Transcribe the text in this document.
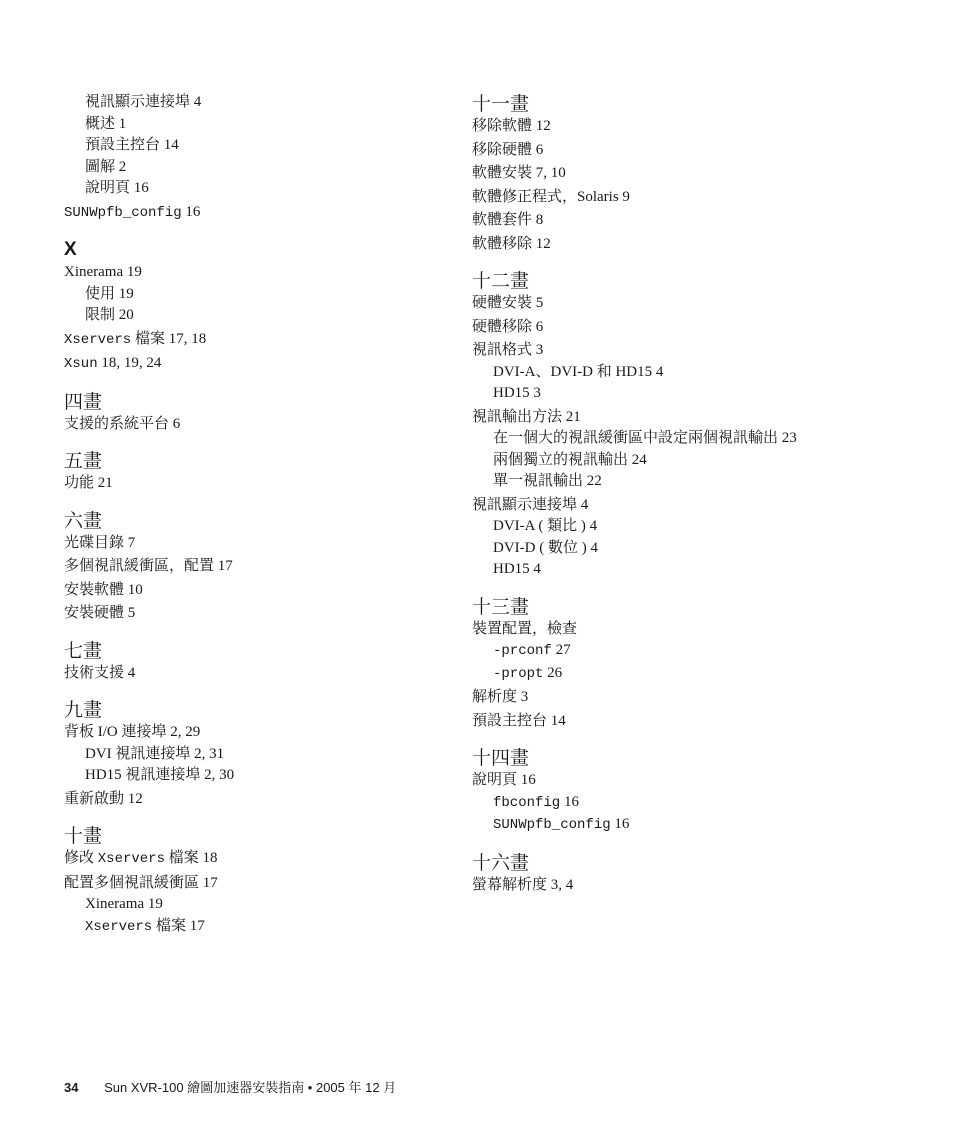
視訊顯示連接埠 4
概述 1
預設主控台 14
圖解 2
說明頁 16
SUNWpfb_config 16
X
Xinerama 19
使用 19
限制 20
Xservers 檔案 17, 18
Xsun 18, 19, 24
四畫
支援的系統平台 6
五畫
功能 21
六畫
光碟目錄 7
多個視訊緩衝區，配置 17
安裝軟體 10
安裝硬體 5
七畫
技術支援 4
九畫
背板 I/O 連接埠 2, 29
DVI 視訊連接埠 2, 31
HD15 視訊連接埠 2, 30
重新啟動 12
十畫
修改 Xservers 檔案 18
配置多個視訊緩衝區 17
Xinerama 19
Xservers 檔案 17
十一畫
移除軟體 12
移除硬體 6
軟體安裝 7, 10
軟體修正程式，Solaris 9
軟體套件 8
軟體移除 12
十二畫
硬體安裝 5
硬體移除 6
視訊格式 3
DVI-A、DVI-D 和 HD15 4
HD15 3
視訊輸出方法 21
在一個大的視訊緩衝區中設定兩個視訊輸出 23
兩個獨立的視訊輸出 24
單一視訊輸出 22
視訊顯示連接埠 4
DVI-A ( 類比 ) 4
DVI-D ( 數位 ) 4
HD15 4
十三畫
裝置配置，檢查
-prconf 27
-propt 26
解析度 3
預設主控台 14
十四畫
說明頁 16
fbconfig 16
SUNWpfb_config 16
十六畫
螢幕解析度 3, 4
34 Sun XVR-100 繪圖加速器安裝指南 • 2005 年 12 月
